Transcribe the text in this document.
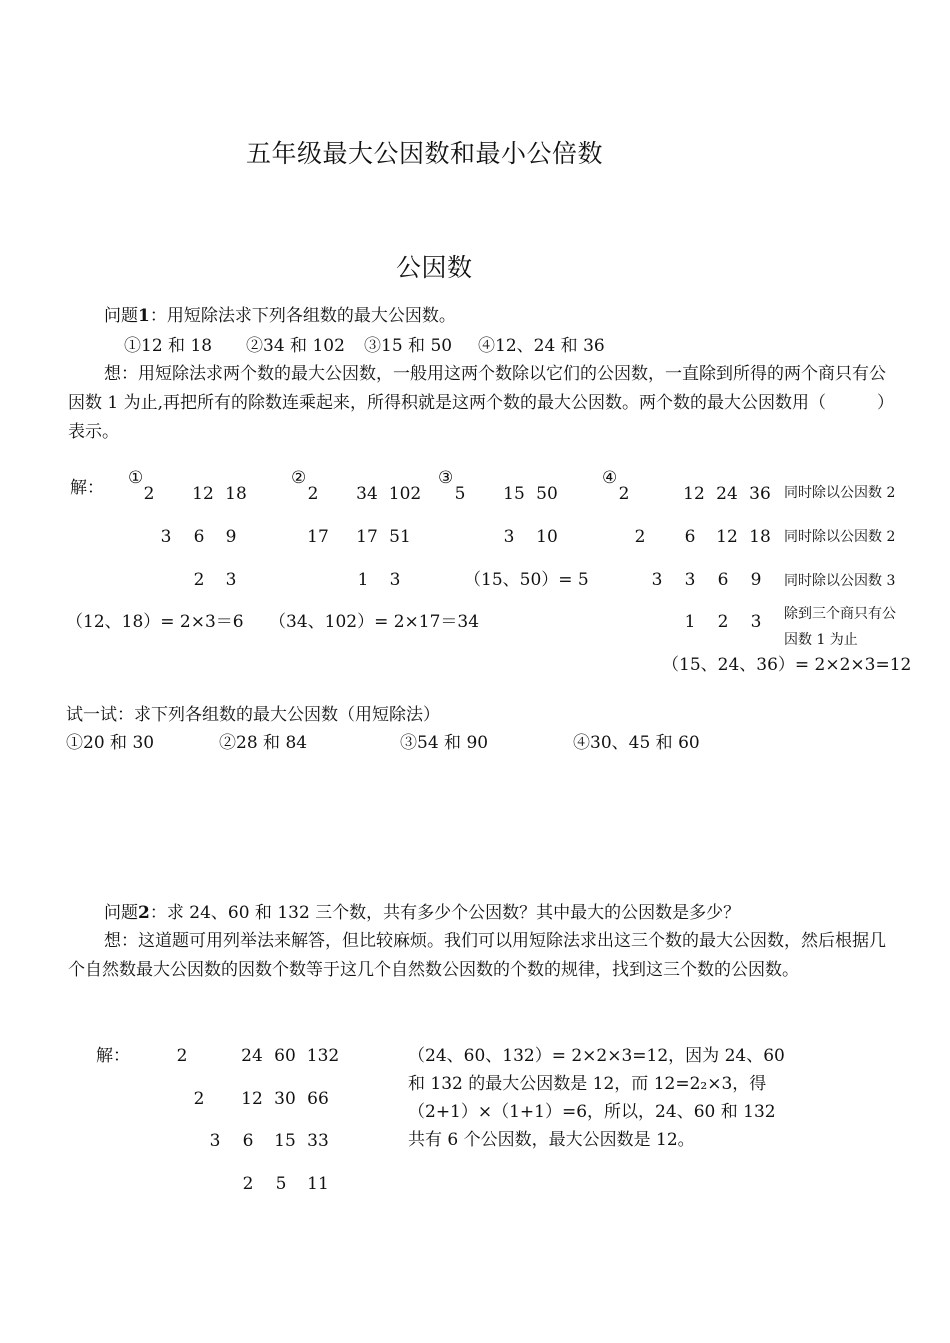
五年级最大公因数和最小公倍数
公因数
问题1：用短除法求下列各组数的最大公因数。
①12 和 18 ②34 和 102 ③15 和 50 ④12、24 和 36
想：用短除法求两个数的最大公因数，一般用这两个数除以它们的公因数，一直除到所得的两个商只有公因数 1 为止,再把所有的除数连乘起来，所得积就是这两个数的最大公因数。两个数的最大公因数用（　　　）表示。
解： ①	②	③	④
2	12 18
3	6	9
2	3
（12、18）= 2×3＝6
2	34 102
17	17 51
1	3
（34、102）= 2×17＝34
5	15 50
3	10
（15、50）= 5
2	12 24 36
2	6	12 18
3	3	6	9
1	2	3
同时除以公因数 2
同时除以公因数 2
同时除以公因数 3
除到三个商只有公
因数 1 为止
（15、24、36）= 2×2×3=12
试一试：求下列各组数的最大公因数（用短除法）
①20 和 30	②28 和 84	③54 和 90	④30、45 和 60
问题2：求 24、60 和 132 三个数，共有多少个公因数？其中最大的公因数是多少？
想：这道题可用列举法来解答，但比较麻烦。我们可以用短除法求出这三个数的最大公因数，然后根据几个自然数最大公因数的因数个数等于这几个自然数公因数的个数的规律，找到这三个数的公因数。
解：	2	24 60 132
2	12 30 66
3	6	15 33
2	5	11
（24、60、132）= 2×2×3=12，因为 24、60
和 132 的最大公因数是 12，而 12=2₂×3，得
（2+1）×（1+1）=6，所以，24、60 和 132
共有 6 个公因数，最大公因数是 12。
